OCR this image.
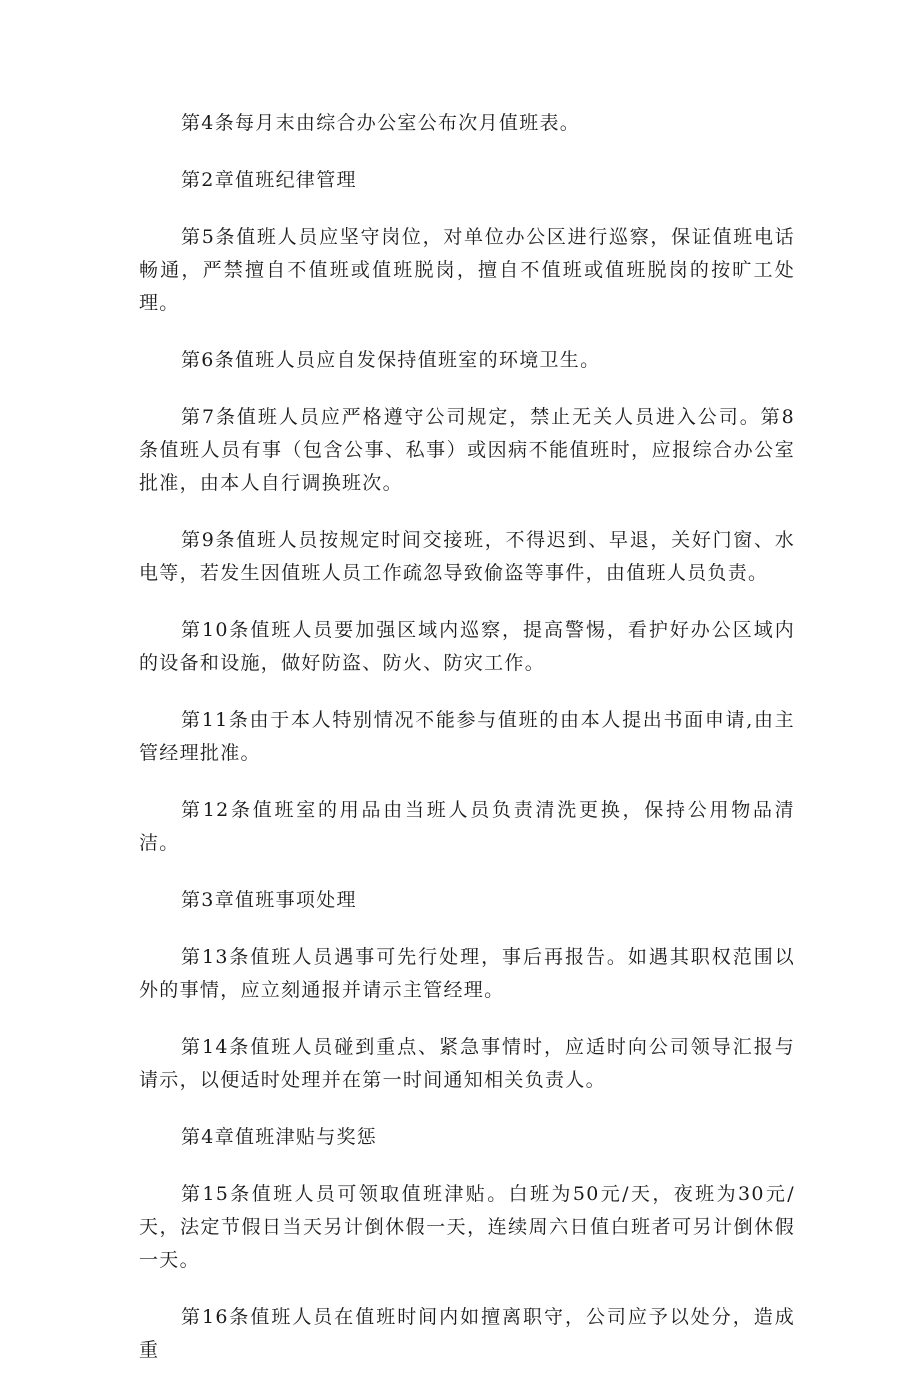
第4条每月末由综合办公室公布次月值班表。

第2章值班纪律管理

第5条值班人员应坚守岗位，对单位办公区进行巡察，保证值班电话畅通，严禁擅自不值班或值班脱岗，擅自不值班或值班脱岗的按旷工处理。

第6条值班人员应自发保持值班室的环境卫生。

第7条值班人员应严格遵守公司规定，禁止无关人员进入公司。第8条值班人员有事（包含公事、私事）或因病不能值班时，应报综合办公室批准，由本人自行调换班次。

第9条值班人员按规定时间交接班，不得迟到、早退，关好门窗、水电等，若发生因值班人员工作疏忽导致偷盗等事件，由值班人员负责。

第10条值班人员要加强区域内巡察，提高警惕，看护好办公区域内的设备和设施，做好防盗、防火、防灾工作。

第11条由于本人特别情况不能参与值班的由本人提出书面申请,由主管经理批准。

第12条值班室的用品由当班人员负责清洗更换，保持公用物品清洁。

第3章值班事项处理

第13条值班人员遇事可先行处理，事后再报告。如遇其职权范围以外的事情，应立刻通报并请示主管经理。

第14条值班人员碰到重点、紧急事情时，应适时向公司领导汇报与请示，以便适时处理并在第一时间通知相关负责人。

第4章值班津贴与奖惩

第15条值班人员可领取值班津贴。白班为50元/天，夜班为30元/天，法定节假日当天另计倒休假一天，连续周六日值白班者可另计倒休假一天。

第16条值班人员在值班时间内如擅离职守，公司应予以处分，造成重
